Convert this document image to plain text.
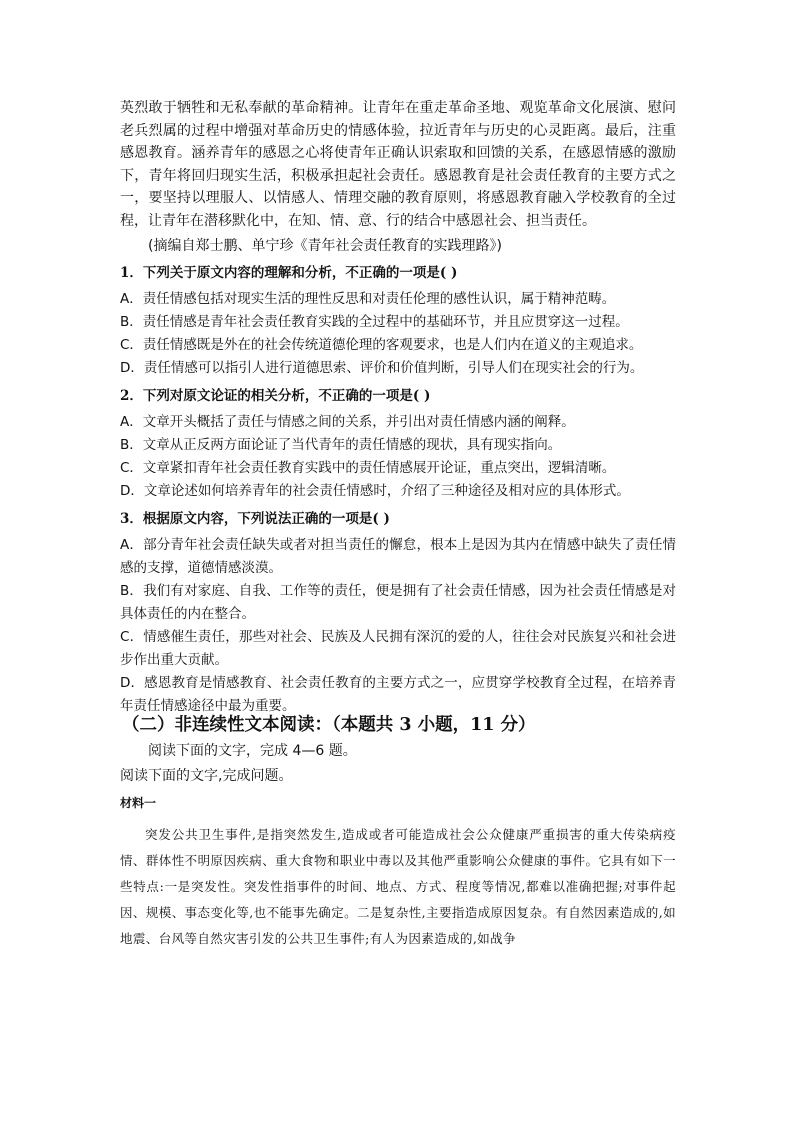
英烈敢于牺牲和无私奉献的革命精神。让青年在重走革命圣地、观览革命文化展演、慰问老兵烈属的过程中增强对革命历史的情感体验，拉近青年与历史的心灵距离。最后，注重感恩教育。涵养青年的感恩之心将使青年正确认识索取和回馈的关系，在感恩情感的激励下，青年将回归现实生活，积极承担起社会责任。感恩教育是社会责任教育的主要方式之一，要坚持以理服人、以情感人、情理交融的教育原则，将感恩教育融入学校教育的全过程，让青年在潜移默化中，在知、情、意、行的结合中感恩社会、担当责任。
(摘编自郑士鹏、单宁珍《青年社会责任教育的实践理路》)
1．下列关于原文内容的理解和分析，不正确的一项是( )
A．责任情感包括对现实生活的理性反思和对责任伦理的感性认识，属于精神范畴。
B．责任情感是青年社会责任教育实践的全过程中的基础环节，并且应贯穿这一过程。
C．责任情感既是外在的社会传统道德伦理的客观要求，也是人们内在道义的主观追求。
D．责任情感可以指引人进行道德思索、评价和价值判断，引导人们在现实社会的行为。
2．下列对原文论证的相关分析，不正确的一项是( )
A．文章开头概括了责任与情感之间的关系，并引出对责任情感内涵的阐释。
B．文章从正反两方面论证了当代青年的责任情感的现状，具有现实指向。
C．文章紧扣青年社会责任教育实践中的责任情感展开论证，重点突出，逻辑清晰。
D．文章论述如何培养青年的社会责任情感时，介绍了三种途径及相对应的具体形式。
3．根据原文内容，下列说法正确的一项是( )
A．部分青年社会责任缺失或者对担当责任的懈怠，根本上是因为其内在情感中缺失了责任情感的支撑，道德情感淡漠。
B．我们有对家庭、自我、工作等的责任，便是拥有了社会责任情感，因为社会责任情感是对具体责任的内在整合。
C．情感催生责任，那些对社会、民族及人民拥有深沉的爱的人，往往会对民族复兴和社会进步作出重大贡献。
D．感恩教育是情感教育、社会责任教育的主要方式之一，应贯穿学校教育全过程，在培养青年责任情感途径中最为重要。
（二）非连续性文本阅读：（本题共 3 小题，11 分）
阅读下面的文字，完成 4—6 题。
阅读下面的文字,完成问题。
材料一
突发公共卫生事件,是指突然发生,造成或者可能造成社会公众健康严重损害的重大传染病疫情、群体性不明原因疾病、重大食物和职业中毒以及其他严重影响公众健康的事件。它具有如下一些特点:一是突发性。突发性指事件的时间、地点、方式、程度等情况,都难以准确把握;对事件起因、规模、事态变化等,也不能事先确定。二是复杂性,主要指造成原因复杂。有自然因素造成的,如地震、台风等自然灾害引发的公共卫生事件;有人为因素造成的,如战争
